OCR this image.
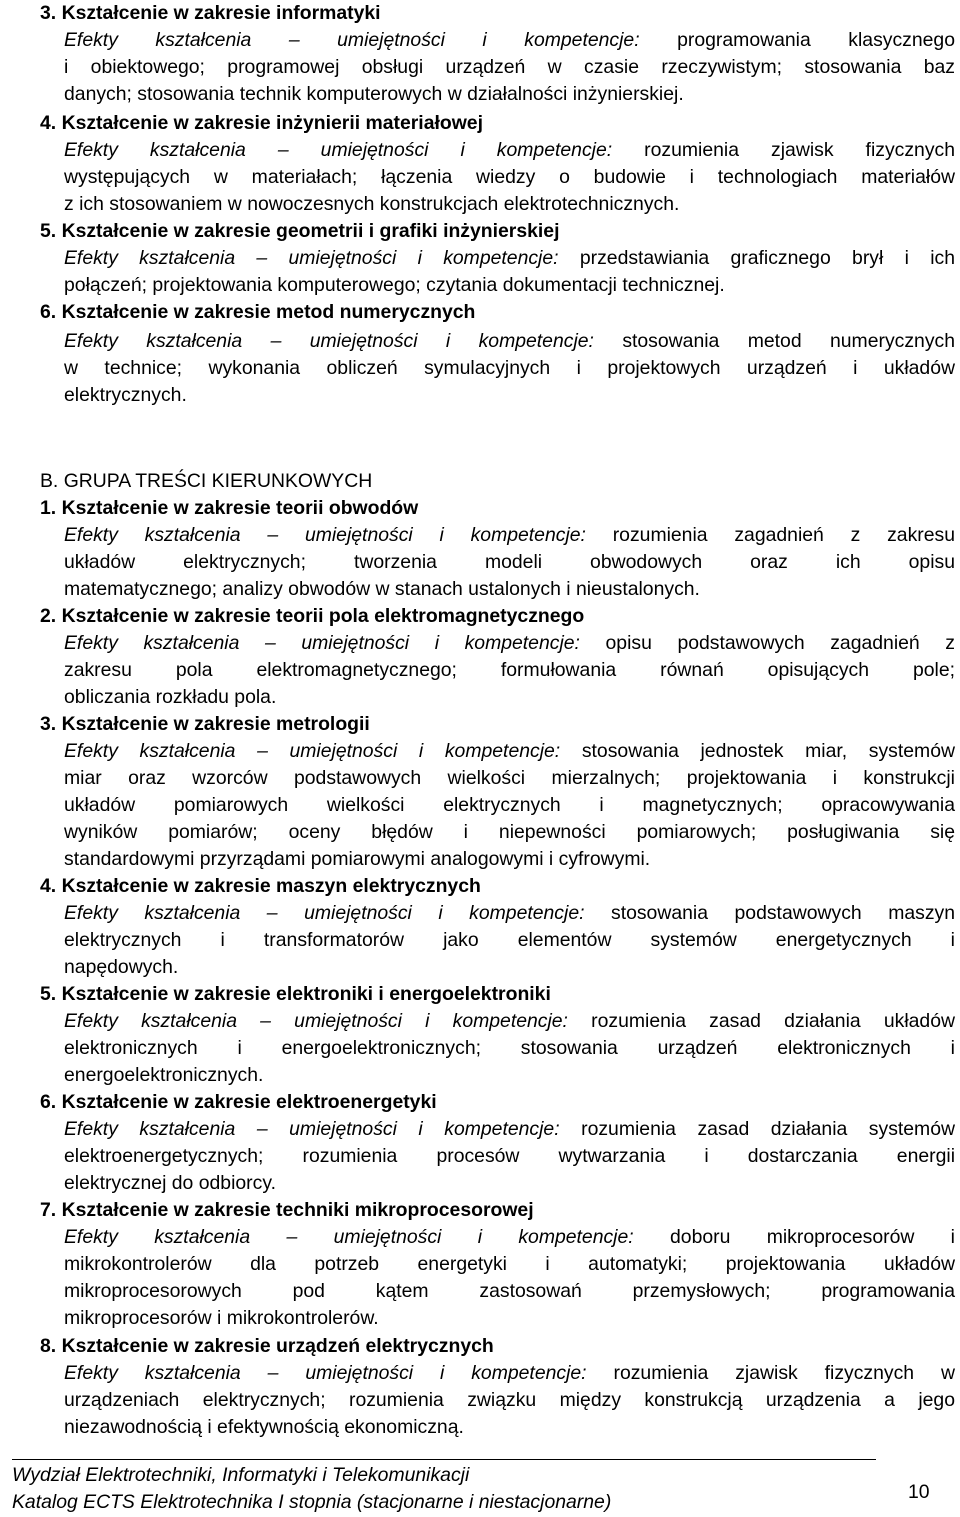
3. Kształcenie w zakresie informatyki
Efekty kształcenia – umiejętności i kompetencje: programowania klasycznego
i obiektowego; programowej obsługi urządzeń w czasie rzeczywistym; stosowania baz
danych; stosowania technik komputerowych w działalności inżynierskiej.
4. Kształcenie w zakresie inżynierii materiałowej
Efekty kształcenia – umiejętności i kompetencje: rozumienia zjawisk fizycznych
występujących w materiałach; łączenia wiedzy o budowie i technologiach materiałów
z ich stosowaniem w nowoczesnych konstrukcjach elektrotechnicznych.
5. Kształcenie w zakresie geometrii i grafiki inżynierskiej
Efekty kształcenia – umiejętności i kompetencje: przedstawiania graficznego brył i ich
połączeń; projektowania komputerowego; czytania dokumentacji technicznej.
6. Kształcenie w zakresie metod numerycznych
Efekty kształcenia – umiejętności i kompetencje: stosowania metod numerycznych
w technice; wykonania obliczeń symulacyjnych i projektowych urządzeń i układów
elektrycznych.
B. GRUPA TREŚCI KIERUNKOWYCH
1. Kształcenie w zakresie teorii obwodów
Efekty kształcenia – umiejętności i kompetencje: rozumienia zagadnień z zakresu
układów elektrycznych; tworzenia modeli obwodowych oraz ich opisu
matematycznego; analizy obwodów w stanach ustalonych i nieustalonych.
2. Kształcenie w zakresie teorii pola elektromagnetycznego
Efekty kształcenia – umiejętności i kompetencje: opisu podstawowych zagadnień z
zakresu pola elektromagnetycznego; formułowania równań opisujących pole;
obliczania rozkładu pola.
3. Kształcenie w zakresie metrologii
Efekty kształcenia – umiejętności i kompetencje: stosowania jednostek miar, systemów
miar oraz wzorców podstawowych wielkości mierzalnych; projektowania i konstrukcji
układów pomiarowych wielkości elektrycznych i magnetycznych; opracowywania
wyników pomiarów; oceny błędów i niepewności pomiarowych; posługiwania się
standardowymi przyrządami pomiarowymi analogowymi i cyfrowymi.
4. Kształcenie w zakresie maszyn elektrycznych
Efekty kształcenia – umiejętności i kompetencje: stosowania podstawowych maszyn
elektrycznych i transformatorów jako elementów systemów energetycznych i
napędowych.
5. Kształcenie w zakresie elektroniki i energoelektroniki
Efekty kształcenia – umiejętności i kompetencje: rozumienia zasad działania układów
elektronicznych i energoelektronicznych; stosowania urządzeń elektronicznych i
energoelektronicznych.
6. Kształcenie w zakresie elektroenergetyki
Efekty kształcenia – umiejętności i kompetencje: rozumienia zasad działania systemów
elektroenergetycznych; rozumienia procesów wytwarzania i dostarczania energii
elektrycznej do odbiorcy.
7. Kształcenie w zakresie techniki mikroprocesorowej
Efekty kształcenia – umiejętności i kompetencje: doboru mikroprocesorów i
mikrokontrolerów dla potrzeb energetyki i automatyki; projektowania układów
mikroprocesorowych pod kątem zastosowań przemysłowych; programowania
mikroprocesorów i mikrokontrolerów.
8. Kształcenie w zakresie urządzeń elektrycznych
Efekty kształcenia – umiejętności i kompetencje: rozumienia zjawisk fizycznych w
urządzeniach elektrycznych; rozumienia związku między konstrukcją urządzenia a jego
niezawodnością i efektywnością ekonomiczną.
Wydział Elektrotechniki, Informatyki i Telekomunikacji
Katalog ECTS Elektrotechnika I stopnia (stacjonarne i niestacjonarne)	10
